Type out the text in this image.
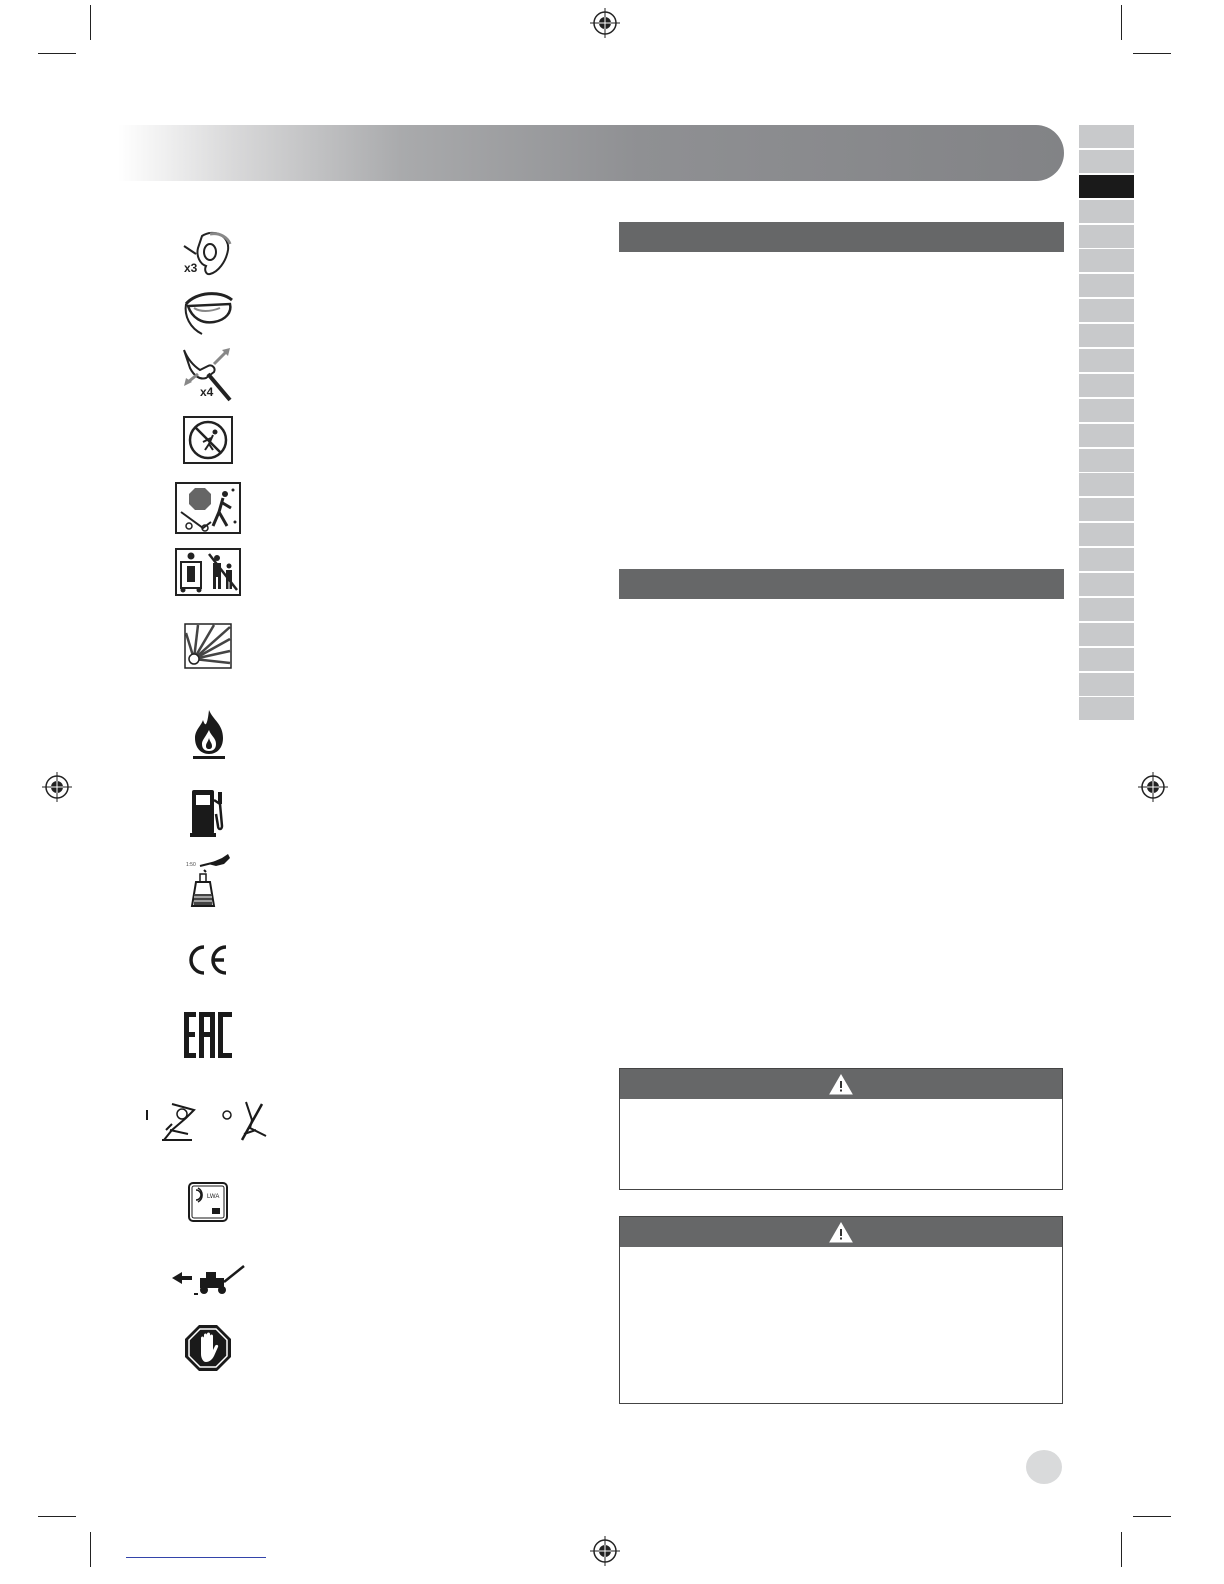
x3
x4
1:50
LWA
